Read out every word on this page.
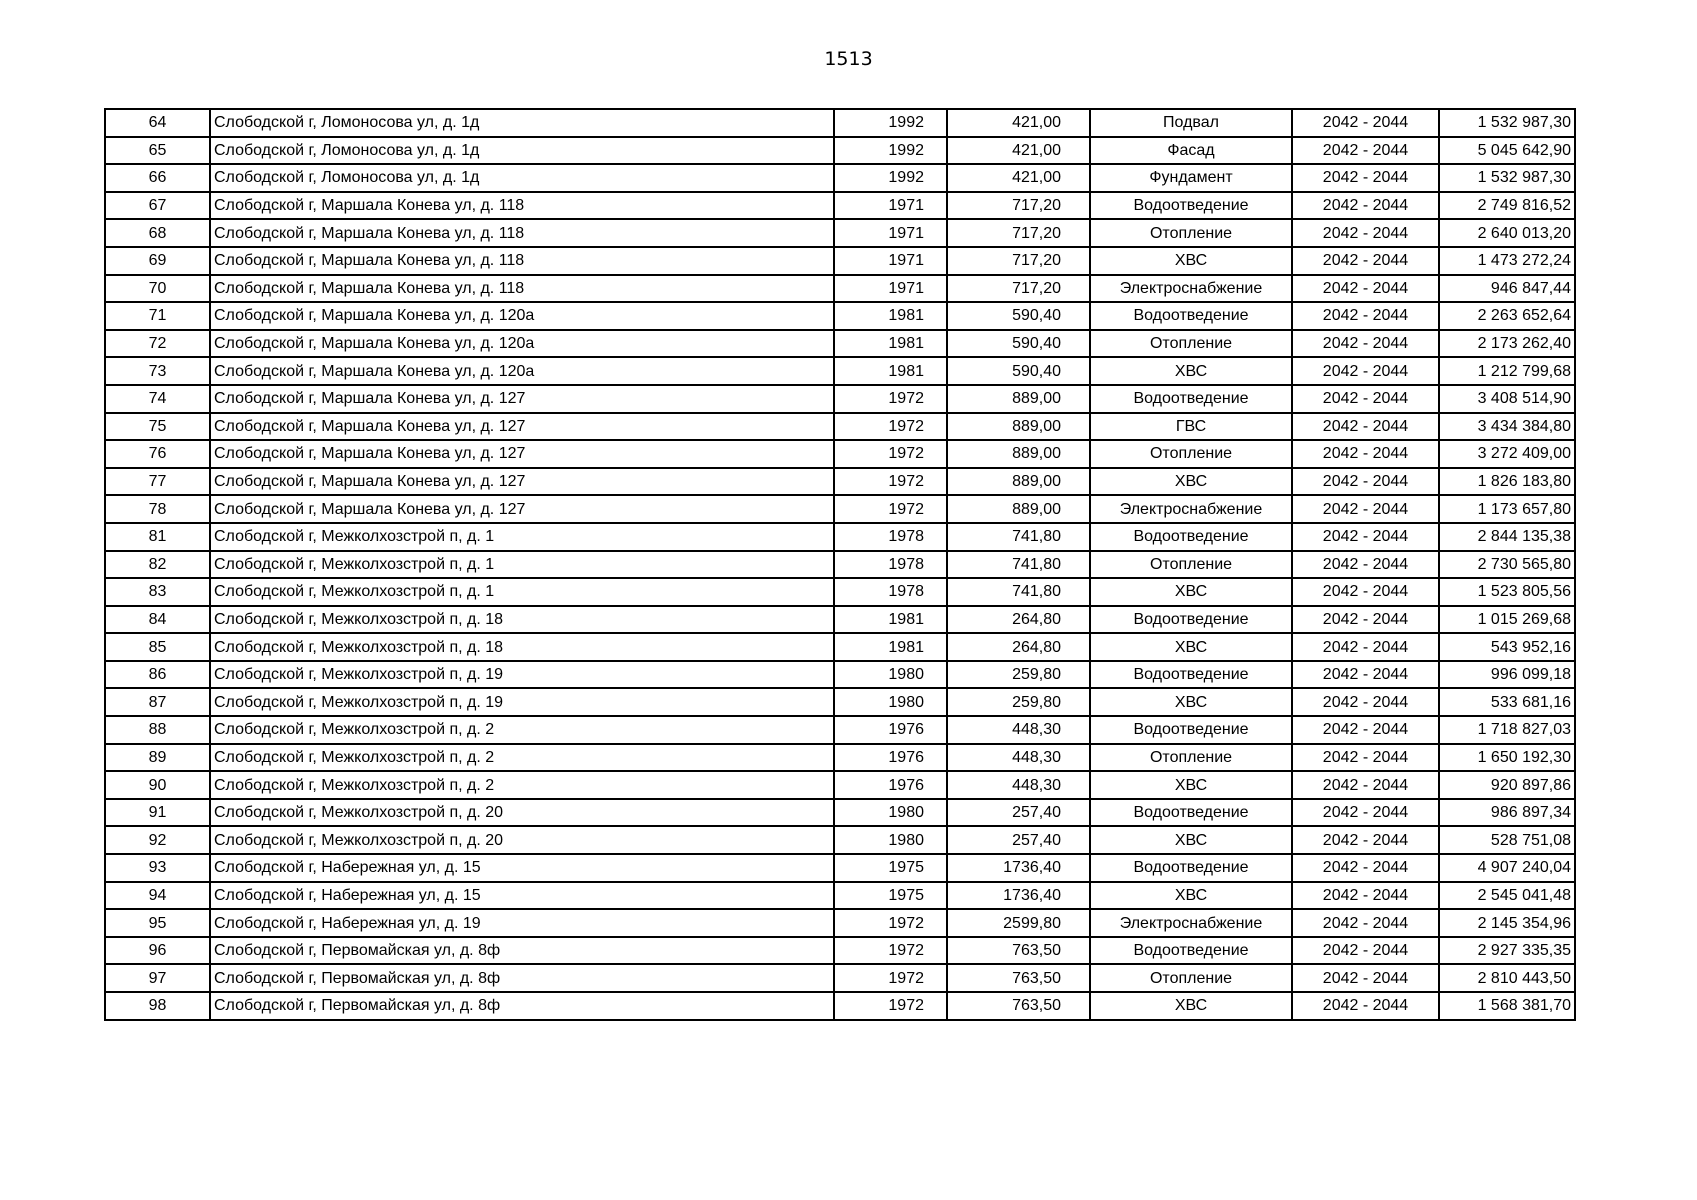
1513
64	Слободской г, Ломоносова ул, д. 1д	1992	421,00	Подвал	2042 - 2044	1 532 987,30
65	Слободской г, Ломоносова ул, д. 1д	1992	421,00	Фасад	2042 - 2044	5 045 642,90
66	Слободской г, Ломоносова ул, д. 1д	1992	421,00	Фундамент	2042 - 2044	1 532 987,30
67	Слободской г, Маршала Конева ул, д. 118	1971	717,20	Водоотведение	2042 - 2044	2 749 816,52
68	Слободской г, Маршала Конева ул, д. 118	1971	717,20	Отопление	2042 - 2044	2 640 013,20
69	Слободской г, Маршала Конева ул, д. 118	1971	717,20	ХВС	2042 - 2044	1 473 272,24
70	Слободской г, Маршала Конева ул, д. 118	1971	717,20	Электроснабжение	2042 - 2044	946 847,44
71	Слободской г, Маршала Конева ул, д. 120а	1981	590,40	Водоотведение	2042 - 2044	2 263 652,64
72	Слободской г, Маршала Конева ул, д. 120а	1981	590,40	Отопление	2042 - 2044	2 173 262,40
73	Слободской г, Маршала Конева ул, д. 120а	1981	590,40	ХВС	2042 - 2044	1 212 799,68
74	Слободской г, Маршала Конева ул, д. 127	1972	889,00	Водоотведение	2042 - 2044	3 408 514,90
75	Слободской г, Маршала Конева ул, д. 127	1972	889,00	ГВС	2042 - 2044	3 434 384,80
76	Слободской г, Маршала Конева ул, д. 127	1972	889,00	Отопление	2042 - 2044	3 272 409,00
77	Слободской г, Маршала Конева ул, д. 127	1972	889,00	ХВС	2042 - 2044	1 826 183,80
78	Слободской г, Маршала Конева ул, д. 127	1972	889,00	Электроснабжение	2042 - 2044	1 173 657,80
81	Слободской г, Межколхозстрой п, д. 1	1978	741,80	Водоотведение	2042 - 2044	2 844 135,38
82	Слободской г, Межколхозстрой п, д. 1	1978	741,80	Отопление	2042 - 2044	2 730 565,80
83	Слободской г, Межколхозстрой п, д. 1	1978	741,80	ХВС	2042 - 2044	1 523 805,56
84	Слободской г, Межколхозстрой п, д. 18	1981	264,80	Водоотведение	2042 - 2044	1 015 269,68
85	Слободской г, Межколхозстрой п, д. 18	1981	264,80	ХВС	2042 - 2044	543 952,16
86	Слободской г, Межколхозстрой п, д. 19	1980	259,80	Водоотведение	2042 - 2044	996 099,18
87	Слободской г, Межколхозстрой п, д. 19	1980	259,80	ХВС	2042 - 2044	533 681,16
88	Слободской г, Межколхозстрой п, д. 2	1976	448,30	Водоотведение	2042 - 2044	1 718 827,03
89	Слободской г, Межколхозстрой п, д. 2	1976	448,30	Отопление	2042 - 2044	1 650 192,30
90	Слободской г, Межколхозстрой п, д. 2	1976	448,30	ХВС	2042 - 2044	920 897,86
91	Слободской г, Межколхозстрой п, д. 20	1980	257,40	Водоотведение	2042 - 2044	986 897,34
92	Слободской г, Межколхозстрой п, д. 20	1980	257,40	ХВС	2042 - 2044	528 751,08
93	Слободской г, Набережная ул, д. 15	1975	1736,40	Водоотведение	2042 - 2044	4 907 240,04
94	Слободской г, Набережная ул, д. 15	1975	1736,40	ХВС	2042 - 2044	2 545 041,48
95	Слободской г, Набережная ул, д. 19	1972	2599,80	Электроснабжение	2042 - 2044	2 145 354,96
96	Слободской г, Первомайская ул, д. 8ф	1972	763,50	Водоотведение	2042 - 2044	2 927 335,35
97	Слободской г, Первомайская ул, д. 8ф	1972	763,50	Отопление	2042 - 2044	2 810 443,50
98	Слободской г, Первомайская ул, д. 8ф	1972	763,50	ХВС	2042 - 2044	1 568 381,70
